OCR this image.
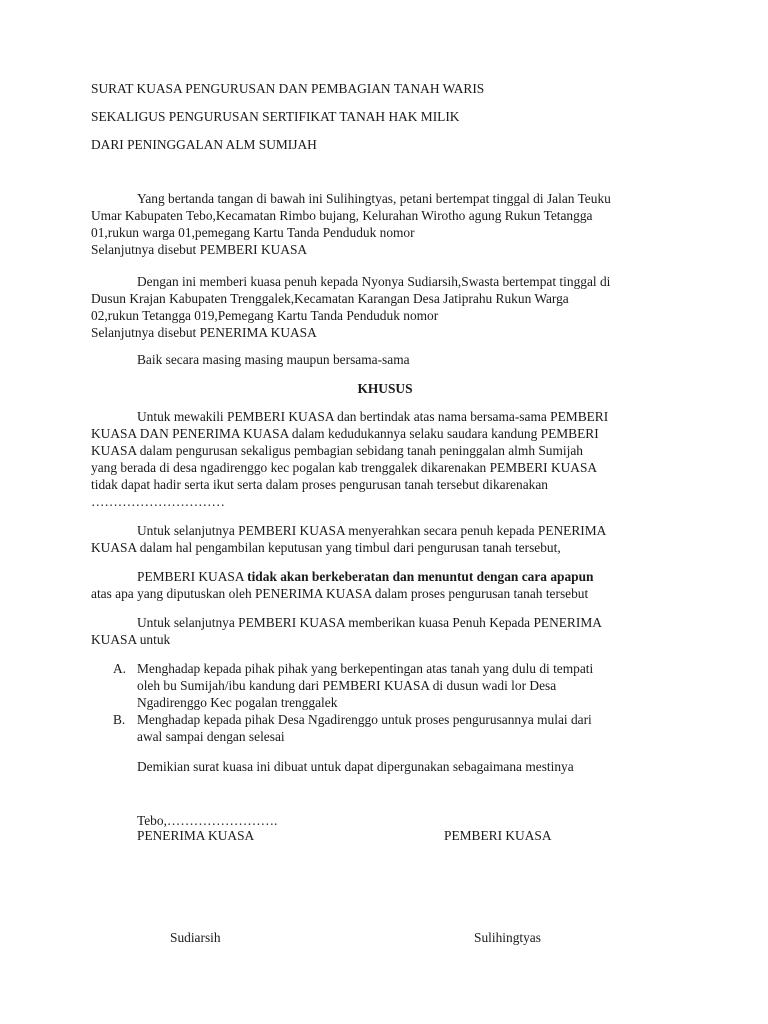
SURAT KUASA PENGURUSAN DAN PEMBAGIAN TANAH WARIS
SEKALIGUS PENGURUSAN SERTIFIKAT TANAH HAK MILIK
DARI PENINGGALAN ALM SUMIJAH
Yang bertanda tangan di bawah ini Sulihingtyas, petani bertempat tinggal di Jalan Teuku
Umar Kabupaten Tebo,Kecamatan Rimbo bujang, Kelurahan Wirotho agung Rukun Tetangga
01,rukun warga 01,pemegang Kartu Tanda Penduduk nomor
Selanjutnya disebut PEMBERI KUASA
Dengan ini memberi kuasa penuh kepada Nyonya Sudiarsih,Swasta bertempat tinggal di
Dusun Krajan Kabupaten Trenggalek,Kecamatan Karangan Desa Jatiprahu Rukun Warga
02,rukun Tetangga 019,Pemegang Kartu Tanda Penduduk nomor
Selanjutnya disebut PENERIMA KUASA
Baik secara masing masing maupun bersama-sama
KHUSUS
Untuk mewakili PEMBERI KUASA dan bertindak atas nama bersama-sama PEMBERI
KUASA DAN PENERIMA KUASA dalam kedudukannya selaku saudara kandung PEMBERI
KUASA dalam pengurusan sekaligus pembagian sebidang tanah peninggalan almh Sumijah
yang berada di desa ngadirenggo kec pogalan kab trenggalek dikarenakan PEMBERI KUASA
tidak dapat hadir serta ikut serta dalam proses pengurusan tanah tersebut dikarenakan
…………………………
Untuk selanjutnya PEMBERI KUASA menyerahkan secara penuh kepada PENERIMA
KUASA dalam hal pengambilan keputusan yang timbul dari pengurusan tanah tersebut,
PEMBERI KUASA tidak akan berkeberatan dan menuntut dengan cara apapun
atas apa yang diputuskan oleh PENERIMA KUASA dalam proses pengurusan tanah tersebut
Untuk selanjutnya PEMBERI KUASA memberikan kuasa Penuh Kepada PENERIMA
KUASA untuk
A. Menghadap kepada pihak pihak yang berkepentingan atas tanah yang dulu di tempati
oleh bu Sumijah/ibu kandung dari PEMBERI KUASA di dusun wadi lor Desa
Ngadirenggo Kec pogalan trenggalek
B. Menghadap kepada pihak Desa Ngadirenggo untuk proses pengurusannya mulai dari
awal sampai dengan selesai
Demikian surat kuasa ini dibuat untuk dapat dipergunakan sebagaimana mestinya
Tebo,…………………….
PENERIMA KUASA	PEMBERI KUASA
Sudiarsih	Sulihingtyas
